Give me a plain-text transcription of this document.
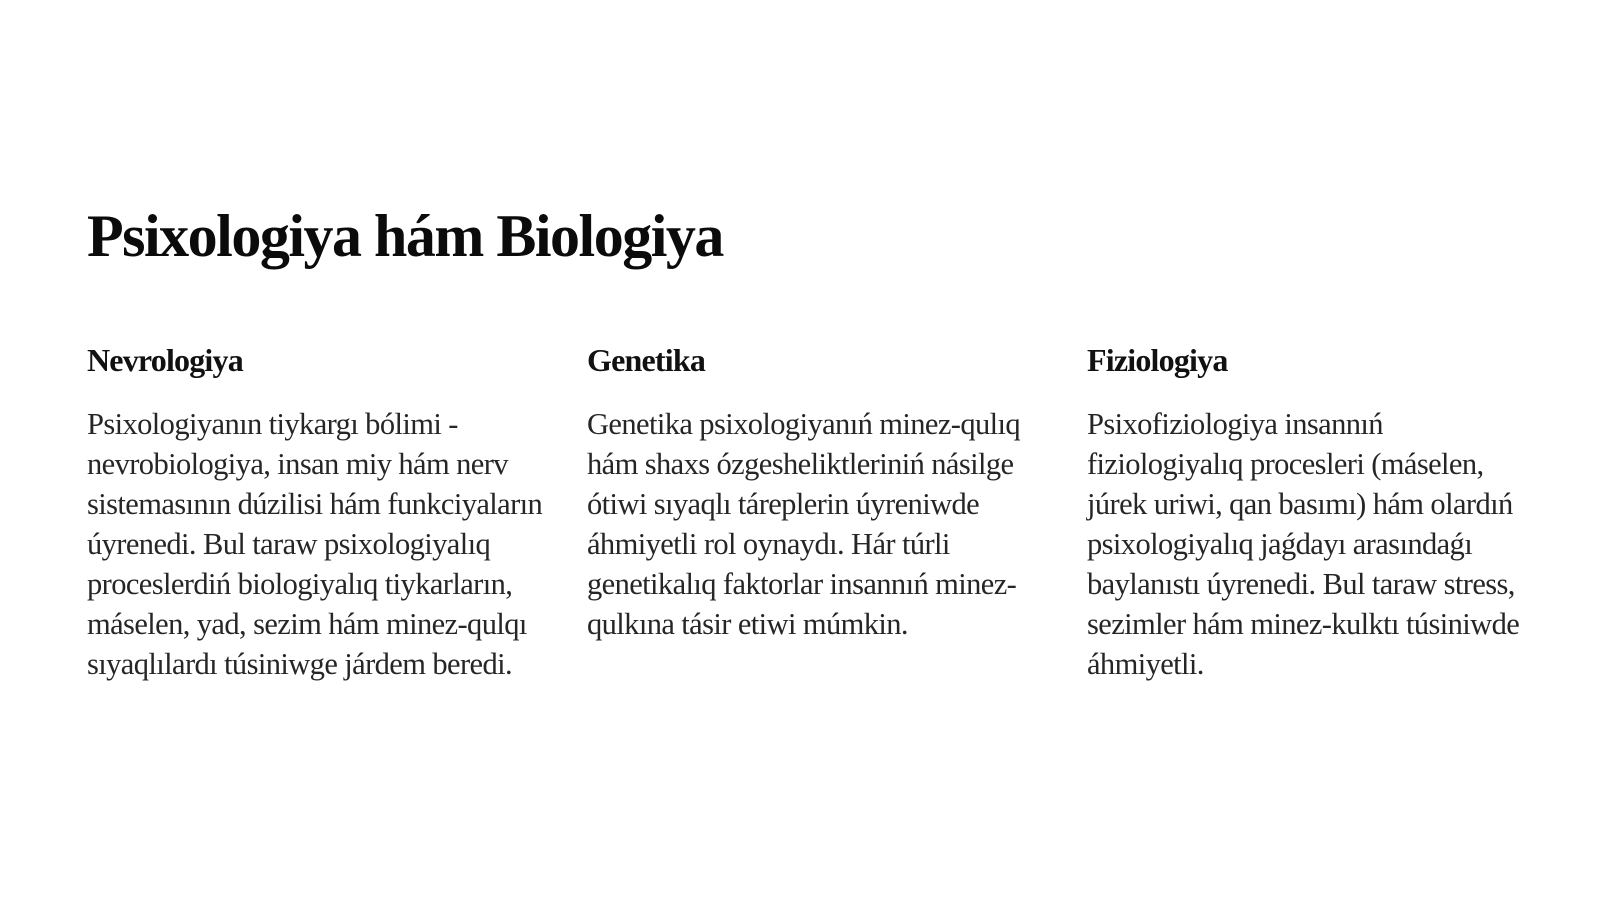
Psixologiya hám Biologiya
Nevrologiya

Psixologiyanın tiykargı bólimi - nevrobiologiya, insan miy hám nerv sistemasının dúzilisi hám funkciyaların úyrenedi. Bul taraw psixologiyalıq proceslerdiń biologiyalıq tiykarların, máselen, yad, sezim hám minez-qulqı sıyaqlılardı túsiniwge járdem beredi.

Genetika

Genetika psixologiyanıń minez-qulıq hám shaxs ózgesheliktleriniń násilge ótiwi sıyaqlı táreplerin úyreniwde áhmiyetli rol oynaydı. Hár túrli genetikalıq faktorlar insannıń minez-qulkına tásir etiwi múmkin.

Fiziologiya

Psixofiziologiya insannıń fiziologiyalıq procesleri (máselen, júrek uriwi, qan basımı) hám olardıń psixologiyalıq jaǵdayı arasındaǵı baylanıstı úyrenedi. Bul taraw stress, sezimler hám minez-kulktı túsiniwde áhmiyetli.
